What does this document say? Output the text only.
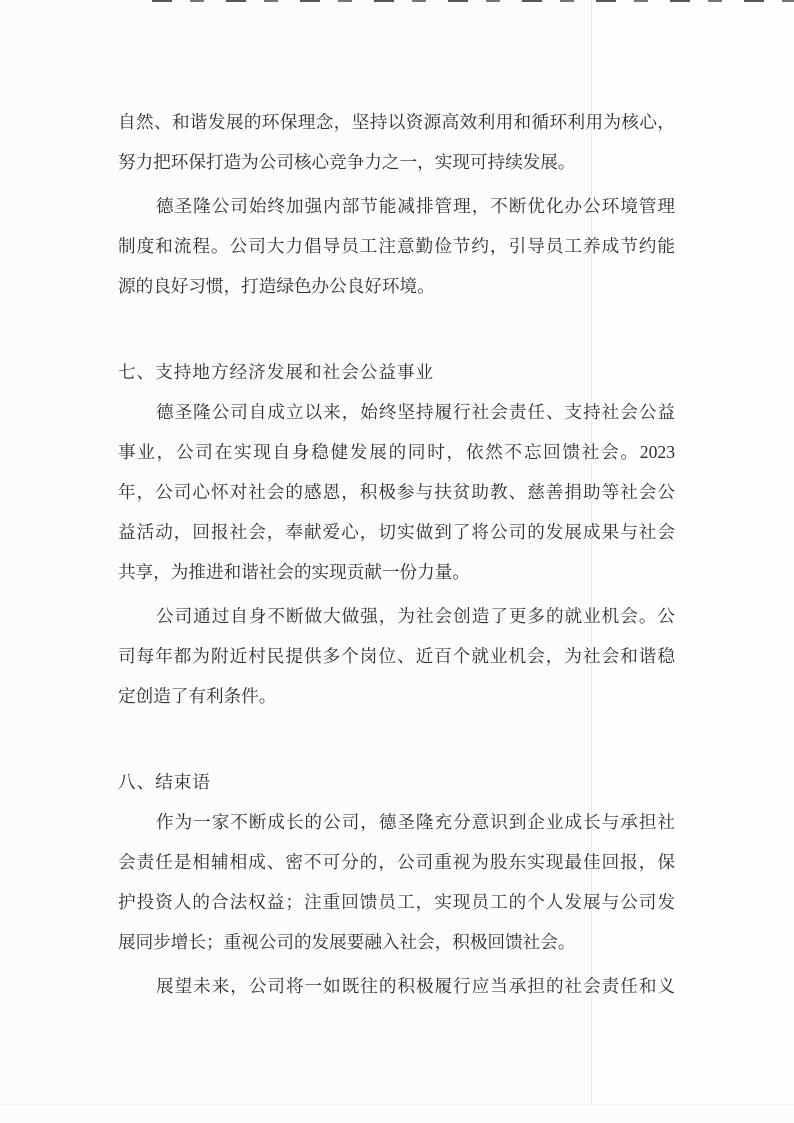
自然、和谐发展的环保理念，坚持以资源高效利用和循环利用为核心，
努力把环保打造为公司核心竞争力之一，实现可持续发展。
德圣隆公司始终加强内部节能减排管理，不断优化办公环境管理
制度和流程。公司大力倡导员工注意勤俭节约，引导员工养成节约能
源的良好习惯，打造绿色办公良好环境。
七、支持地方经济发展和社会公益事业
德圣隆公司自成立以来，始终坚持履行社会责任、支持社会公益
事业，公司在实现自身稳健发展的同时，依然不忘回馈社会。2023
年，公司心怀对社会的感恩，积极参与扶贫助教、慈善捐助等社会公
益活动，回报社会，奉献爱心，切实做到了将公司的发展成果与社会
共享，为推进和谐社会的实现贡献一份力量。
公司通过自身不断做大做强，为社会创造了更多的就业机会。公
司每年都为附近村民提供多个岗位、近百个就业机会，为社会和谐稳
定创造了有利条件。
八、结束语
作为一家不断成长的公司，德圣隆充分意识到企业成长与承担社
会责任是相辅相成、密不可分的，公司重视为股东实现最佳回报，保
护投资人的合法权益；注重回馈员工，实现员工的个人发展与公司发
展同步增长；重视公司的发展要融入社会，积极回馈社会。
展望未来，公司将一如既往的积极履行应当承担的社会责任和义
